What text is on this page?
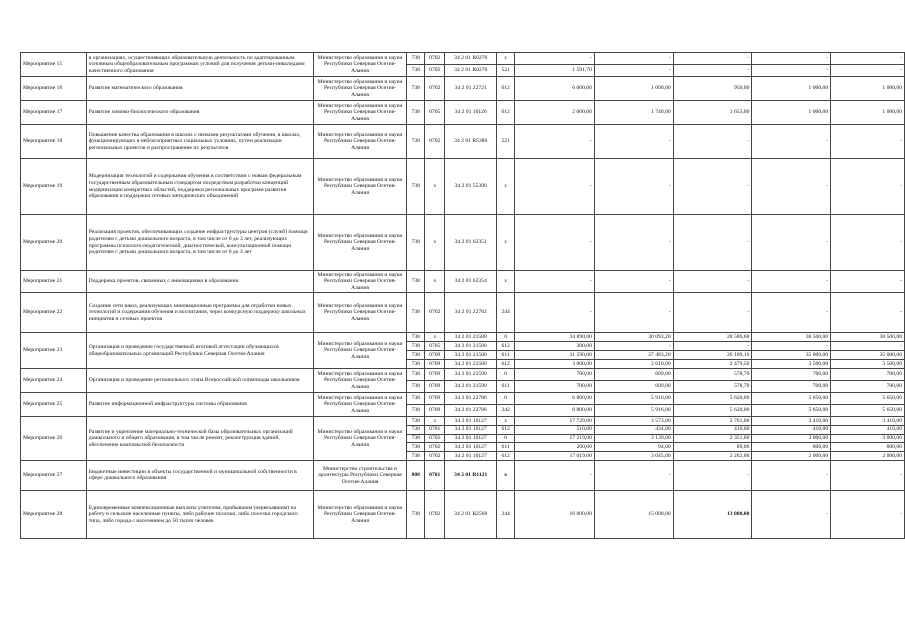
Мероприятие 15	в организациях, осуществляющих образовательную деятельность по адаптированным основным общеобразовательным программам условий для получения детьми-инвалидами качественного образования	Министерство образования и науки Республики Северная Осетия-Алания	738	0702	34 2 01 R0270	x	-	-	-	-	-
			738	0702	34 2 01 R0270	521	1 591,70	-	-	-	-
Мероприятие 16	Развитие математического образования	Министерство образования и науки Республики Северная Осетия-Алания	738	0702	34 2 01 22721	612	6 000,00	1 000,00	950,00	1 000,00	1 000,00
Мероприятие 17	Развитие химико-биологического образования	Министерство образования и науки Республики Северная Осетия-Алания	738	0705	34 2 01 10126	612	2 000,00	1 740,00	1 653,00	1 000,00	1 000,00
Мероприятие 18	Повышение качества образования в школах с низкими результатами обучения, в школах, функционирующих в неблагоприятных социальных условиях, путем реализации региональных проектов и распространение их результатов	Министерство образования и науки Республики Северная Осетия-Алания	738	0702	34 2 01 R5380	521	-	-	-	-	-
Мероприятие 19	Модернизация технологий и содержания обучения в соответствии с новым федеральным государственным образовательным стандартом посредством разработки концепций модернизации конкретных областей, поддержки региональных программ развития образования и поддержки сетевых методических объединений	Министерство образования и науки Республики Северная Осетия-Алания	738	x	34 2 01 55390	x	-	-	-	-	-
Мероприятие 20	Реализация проектов, обеспечивающих создание инфраструктуры центров (служб) помощи родителям с детьми дошкольного возраста, в том числе от 0 до 3 лет, реализующих программы психолого-педагогической, диагностической, консультационной помощи родителям с детьми дошкольного возраста, в том числе от 0 до 3 лет	Министерство образования и науки Республики Северная Осетия-Алания	738	x	34 2 01 62351	x	-	-	-	-	-
Мероприятие 21	Поддержка проектов, связанных с инновациями в образовании	Министерство образования и науки Республики Северная Осетия-Алания	738	x	34 2 01 62354	x	-	-	-	-	-
Мероприятие 22	Создание сети школ, реализующих инновационные программы для отработки новых технологий и содержания обучения и воспитания, через конкурсную поддержку школьных инициатив и сетевых проектов	Министерство образования и науки Республики Северная Осетия-Алания	738	0702	34 2 01 22782	244	-	-	-	-	-
Мероприятие 23	Организация и проведение государственной итоговой аттестации обучающихся общеобразовательных организаций Республики Северная Осетия-Алания	Министерство образования и науки Республики Северная Осетия-Алания	738	x	34 2 01 21580	0	34 890,00	30 093,20	28 586,60	38 500,00	38 500,00
			738	0705	34 2 01 21580	612	300,00	-	-	-	-
			738	0709	34 2 01 21580	611	31 590,00	27 483,20	26 109,10	35 000,00	35 000,00
			738	0709	34 2 01 21580	612	3 000,00	2 610,00	2 479,50	3 500,00	3 500,00
Мероприятие 24	Организация и проведение регионального этапа Всероссийской олимпиады школьников	Министерство образования и науки Республики Северная Осетия-Алания	738	0709	34 2 01 21590	0	700,00	609,00	578,70	700,00	700,00
			738	0709	34 2 01 21590	611	700,00	609,00	578,70	700,00	700,00
Мероприятие 25	Развитие информационной инфраструктуры системы образования	Министерство образования и науки Республики Северная Осетия-Алания	738	0709	34 2 01 22786	0	6 800,00	5 916,00	5 620,00	5 650,00	5 650,00
			738	0709	34 2 01 22786	242	6 800,00	5 916,00	5 620,00	5 650,00	5 650,00
Мероприятие 26	Развитие и укрепление материально-технической базы образовательных организаций дошкольного и общего образования, в том числе ремонт, реконструкция зданий, обеспечение комплексной безопасности	Министерство образования и науки Республики Северная Осетия-Алания	738	x	34 2 01 10127	x	17 729,00	3 573,00	2 761,00	3 410,00	3 410,00
			738	0701	34 2 01 10127	612	510,00	434,00	410,00	410,00	410,00
			738	0702	34 2 01 10127	0	17 219,00	3 139,00	2 351,00	3 000,00	3 000,00
			738	0702	34 2 01 10127	611	200,00	94,00	89,00	800,00	800,00
			738	0702	34 2 01 10127	612	17 019,00	3 045,00	2 262,00	2 000,00	2 000,00
Мероприятие 27	Бюджетные инвестиции в объекты государственной и муниципальной собственности в сфере дошкольного образования	Министерство строительства и архитектуры Республики Северная Осетия-Алания	808	0701	34 2 01 R1121	x	-	-	-	-	-
Мероприятие 28	Единовременные компенсационные выплаты учителям, прибывшим (переехавшим) на работу в сельские населенные пункты, либо рабочие поселки, либо поселки городского типа, либо города с населением до 50 тысяч человек	Министерство образования и науки Республики Северная Осетия-Алания	738	0702	34 2 01 R2560	244	16 000,00	15 000,00	13 000,00	-	-
